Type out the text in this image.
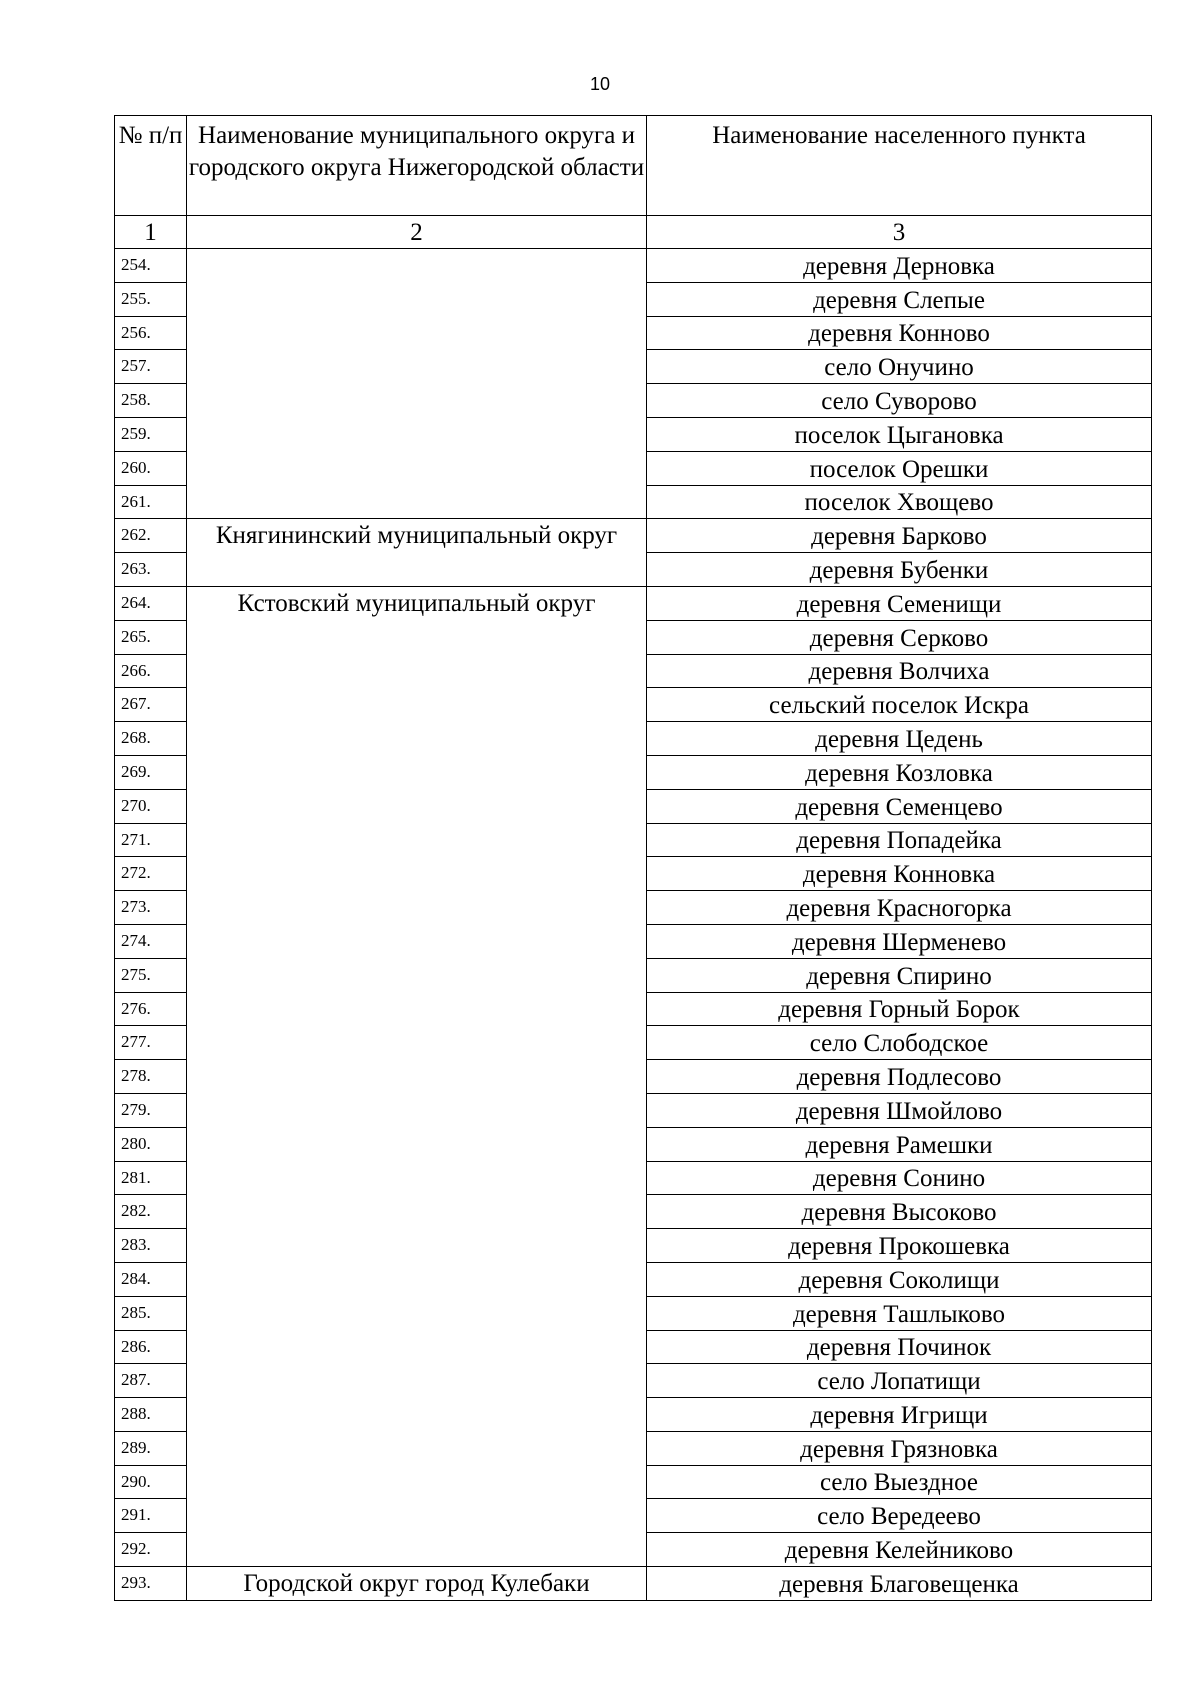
10
№ п/п	Наименование муниципального округа и городского округа Нижегородской области	Наименование населенного пункта
1	2	3
254.		деревня Дерновка
255.		деревня Слепые
256.		деревня Конново
257.		село Онучино
258.		село Суворово
259.		поселок Цыгановка
260.		поселок Орешки
261.		поселок Хвощево
262.	Княгининский муниципальный округ	деревня Барково
263.		деревня Бубенки
264.	Кстовский муниципальный округ	деревня Семенищи
265.		деревня Серково
266.		деревня Волчиха
267.		сельский поселок Искра
268.		деревня Цедень
269.		деревня Козловка
270.		деревня Семенцево
271.		деревня Попадейка
272.		деревня Конновка
273.		деревня Красногорка
274.		деревня Шерменево
275.		деревня Спирино
276.		деревня Горный Борок
277.		село Слободское
278.		деревня Подлесово
279.		деревня Шмойлово
280.		деревня Рамешки
281.		деревня Сонино
282.		деревня Высоково
283.		деревня Прокошевка
284.		деревня Соколищи
285.		деревня Ташлыково
286.		деревня Починок
287.		село Лопатищи
288.		деревня Игрищи
289.		деревня Грязновка
290.		село Выездное
291.		село Вередеево
292.		деревня Келейниково
293.	Городской округ город Кулебаки	деревня Благовещенка
